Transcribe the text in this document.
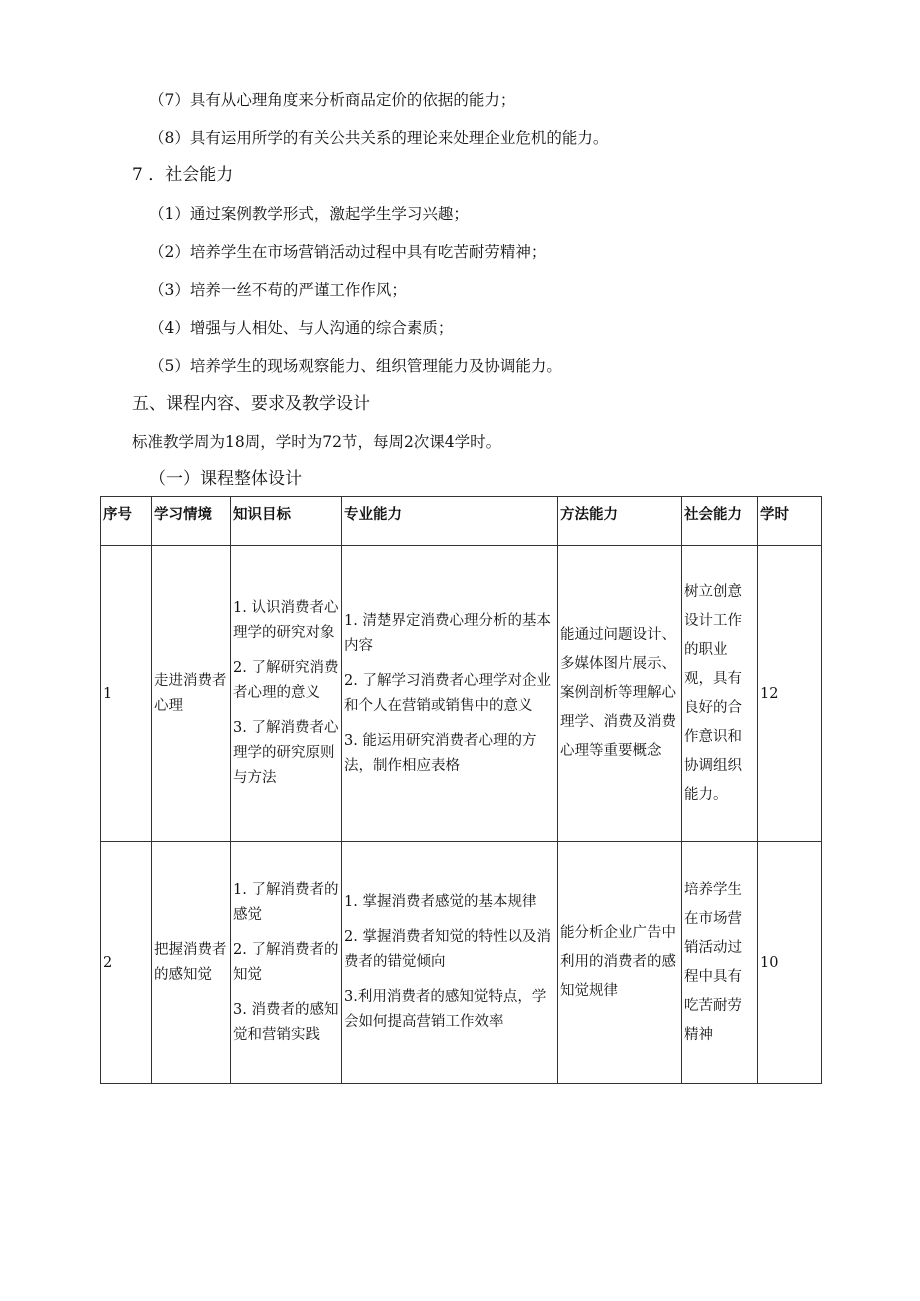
（7）具有从心理角度来分析商品定价的依据的能力；
（8）具有运用所学的有关公共关系的理论来处理企业危机的能力。
7 ．社会能力
（1）通过案例教学形式，激起学生学习兴趣；
（2）培养学生在市场营销活动过程中具有吃苦耐劳精神；
（3）培养一丝不苟的严谨工作作风；
（4）增强与人相处、与人沟通的综合素质；
（5）培养学生的现场观察能力、组织管理能力及协调能力。
五、课程内容、要求及教学设计
标准教学周为18周，学时为72节，每周2次课4学时。
（一）课程整体设计
序号	学习情境	知识目标	专业能力	方法能力	社会能力	学时
1	走进消费者心理	1. 认识消费者心理学的研究对象
2. 了解研究消费者心理的意义
3. 了解消费者心理学的研究原则与方法	1. 清楚界定消费心理分析的基本内容
2. 了解学习消费者心理学对企业和个人在营销或销售中的意义
3. 能运用研究消费者心理的方法，制作相应表格	能通过问题设计、多媒体图片展示、案例剖析等理解心理学、消费及消费心理等重要概念	树立创意设计工作的职业观，具有良好的合作意识和协调组织能力。	12
2	把握消费者的感知觉	1. 了解消费者的感觉
2. 了解消费者的知觉
3. 消费者的感知觉和营销实践	1. 掌握消费者感觉的基本规律
2. 掌握消费者知觉的特性以及消费者的错觉倾向
3.利用消费者的感知觉特点，学会如何提高营销工作效率	能分析企业广告中利用的消费者的感知觉规律	培养学生在市场营销活动过程中具有吃苦耐劳精神	10
